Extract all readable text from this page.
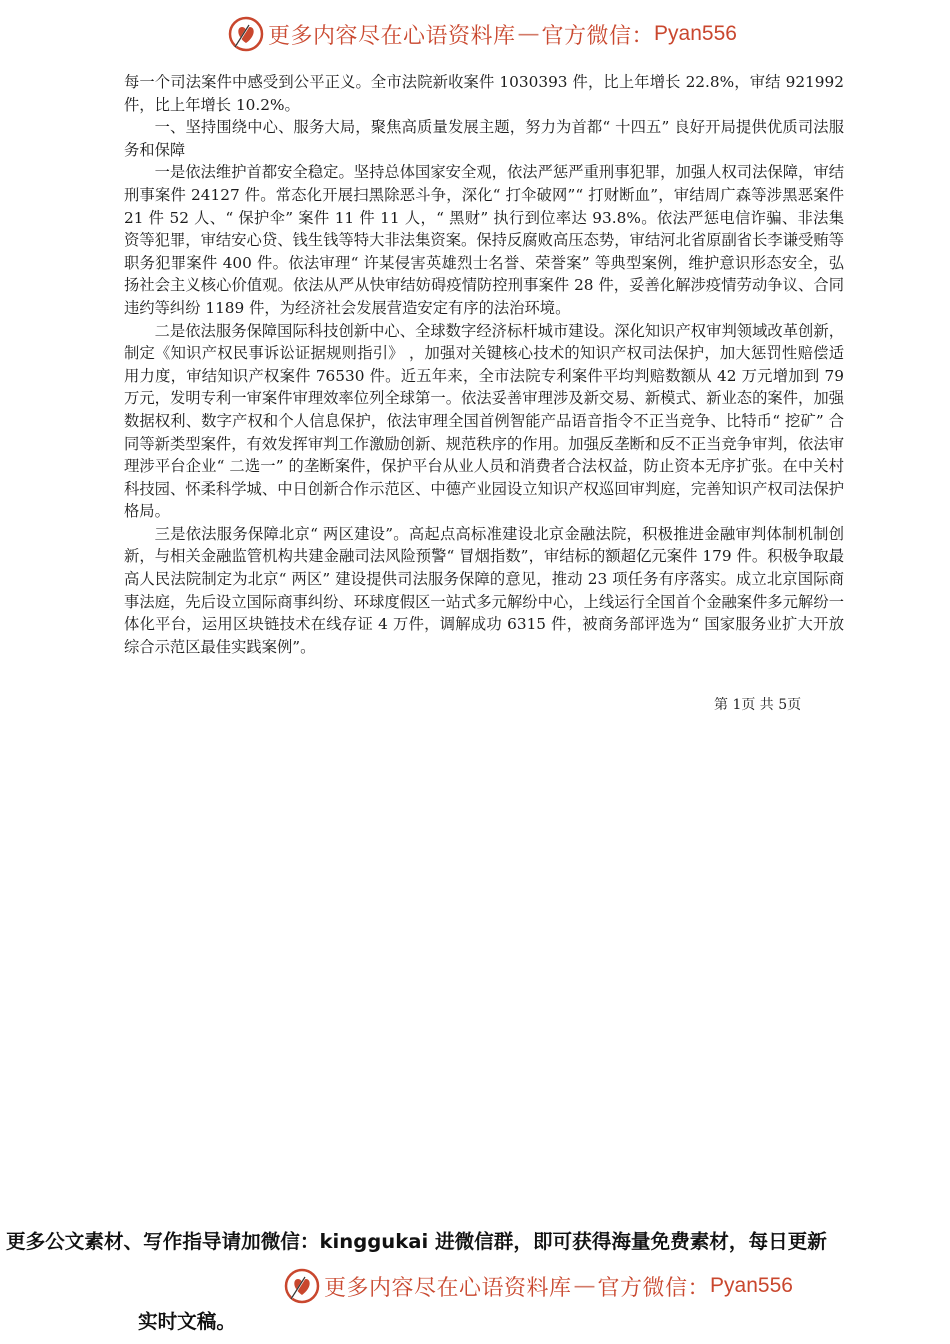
更多内容尽在心语资料库 — 官方微信： Pyan556

每一个司法案件中感受到公平正义。全市法院新收案件 1030393 件，比上年增长 22.8%，审结 921992 件，比上年增长 10.2%。

一、坚持围绕中心、服务大局，聚焦高质量发展主题，努力为首都“ 十四五” 良好开局提供优质司法服务和保障

一是依法维护首都安全稳定。坚持总体国家安全观，依法严惩严重刑事犯罪，加强人权司法保障，审结刑事案件 24127 件。常态化开展扫黑除恶斗争，深化“ 打伞破网”“ 打财断血”，审结周广森等涉黑恶案件 21 件 52 人、“ 保护伞” 案件 11 件 11 人，“ 黑财” 执行到位率达 93.8%。依法严惩电信诈骗、非法集资等犯罪，审结安心贷、钱生钱等特大非法集资案。保持反腐败高压态势，审结河北省原副省长李谦受贿等职务犯罪案件 400 件。依法审理“ 许某侵害英雄烈士名誉、荣誉案” 等典型案例，维护意识形态安全，弘扬社会主义核心价值观。依法从严从快审结妨碍疫情防控刑事案件 28 件，妥善化解涉疫情劳动争议、合同违约等纠纷 1189 件，为经济社会发展营造安定有序的法治环境。

二是依法服务保障国际科技创新中心、全球数字经济标杆城市建设。深化知识产权审判领域改革创新，制定《知识产权民事诉讼证据规则指引》 ，加强对关键核心技术的知识产权司法保护，加大惩罚性赔偿适用力度，审结知识产权案件 76530 件。近五年来，全市法院专利案件平均判赔数额从 42 万元增加到 79 万元，发明专利一审案件审理效率位列全球第一。依法妥善审理涉及新交易、新模式、新业态的案件，加强数据权利、数字产权和个人信息保护，依法审理全国首例智能产品语音指令不正当竞争、比特币“ 挖矿” 合同等新类型案件，有效发挥审判工作激励创新、规范秩序的作用。加强反垄断和反不正当竞争审判，依法审理涉平台企业“ 二选一” 的垄断案件，保护平台从业人员和消费者合法权益，防止资本无序扩张。在中关村科技园、怀柔科学城、中日创新合作示范区、中德产业园设立知识产权巡回审判庭，完善知识产权司法保护格局。

三是依法服务保障北京“ 两区建设”。高起点高标准建设北京金融法院，积极推进金融审判体制机制创新，与相关金融监管机构共建金融司法风险预警“ 冒烟指数”，审结标的额超亿元案件 179 件。积极争取最高人民法院制定为北京“ 两区” 建设提供司法服务保障的意见，推动 23 项任务有序落实。成立北京国际商事法庭，先后设立国际商事纠纷、环球度假区一站式多元解纷中心，上线运行全国首个金融案件多元解纷一体化平台，运用区块链技术在线存证 4 万件，调解成功 6315 件，被商务部评选为“ 国家服务业扩大开放综合示范区最佳实践案例”。

第 1页 共 5页
更多公文素材、写作指导请加微信：kinggukai 进微信群，即可获得海量免费素材，每日更新
实时文稿。
更多内容尽在心语资料库 — 官方微信： Pyan556
